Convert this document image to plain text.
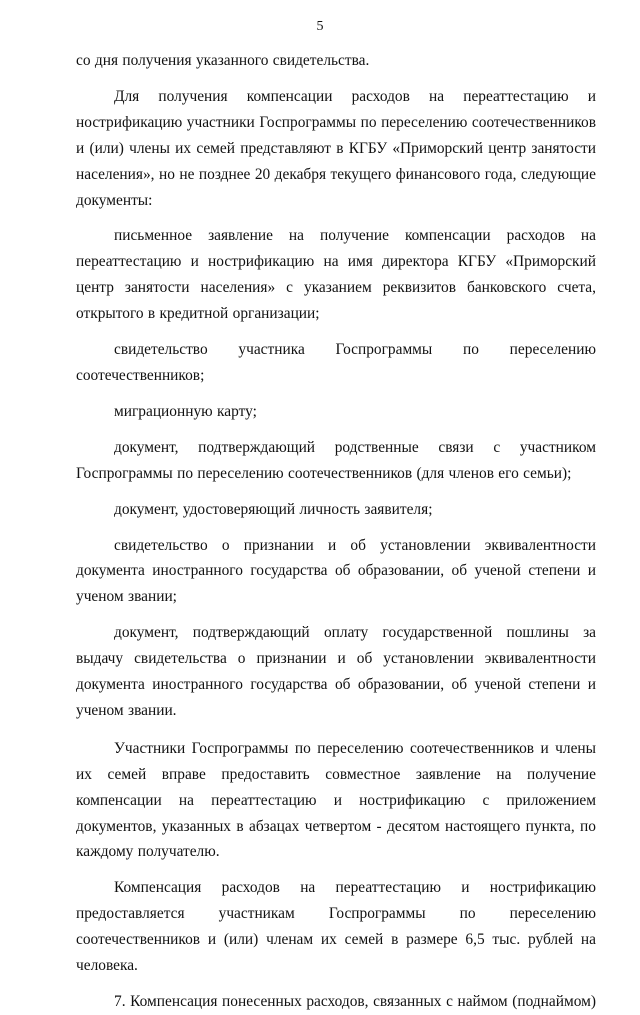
5

со дня получения указанного свидетельства.

Для получения компенсации расходов на переаттестацию и нострификацию участники Госпрограммы по переселению соотечественников и (или) члены их семей представляют в КГБУ «Приморский центр занятости населения», но не позднее 20 декабря текущего финансового года, следующие документы:

письменное заявление на получение компенсации расходов на переаттестацию и нострификацию на имя директора КГБУ «Приморский центр занятости населения» с указанием реквизитов банковского счета, открытого в кредитной организации;

свидетельство участника Госпрограммы по переселению соотечественников;

миграционную карту;

документ, подтверждающий родственные связи с участником Госпрограммы по переселению соотечественников (для членов его семьи);

документ, удостоверяющий личность заявителя;

свидетельство о признании и об установлении эквивалентности документа иностранного государства об образовании, об ученой степени и ученом звании;

документ, подтверждающий оплату государственной пошлины за выдачу свидетельства о признании и об установлении эквивалентности документа иностранного государства об образовании, об ученой степени и ученом звании.

Участники Госпрограммы по переселению соотечественников и члены их семей вправе предоставить совместное заявление на получение компенсации на переаттестацию и нострификацию с приложением документов, указанных в абзацах четвертом - десятом настоящего пункта, по каждому получателю.

Компенсация расходов на переаттестацию и нострификацию предоставляется участникам Госпрограммы по переселению соотечественников и (или) членам их семей в размере 6,5 тыс. рублей на человека.

7. Компенсация понесенных расходов, связанных с наймом (поднаймом)
